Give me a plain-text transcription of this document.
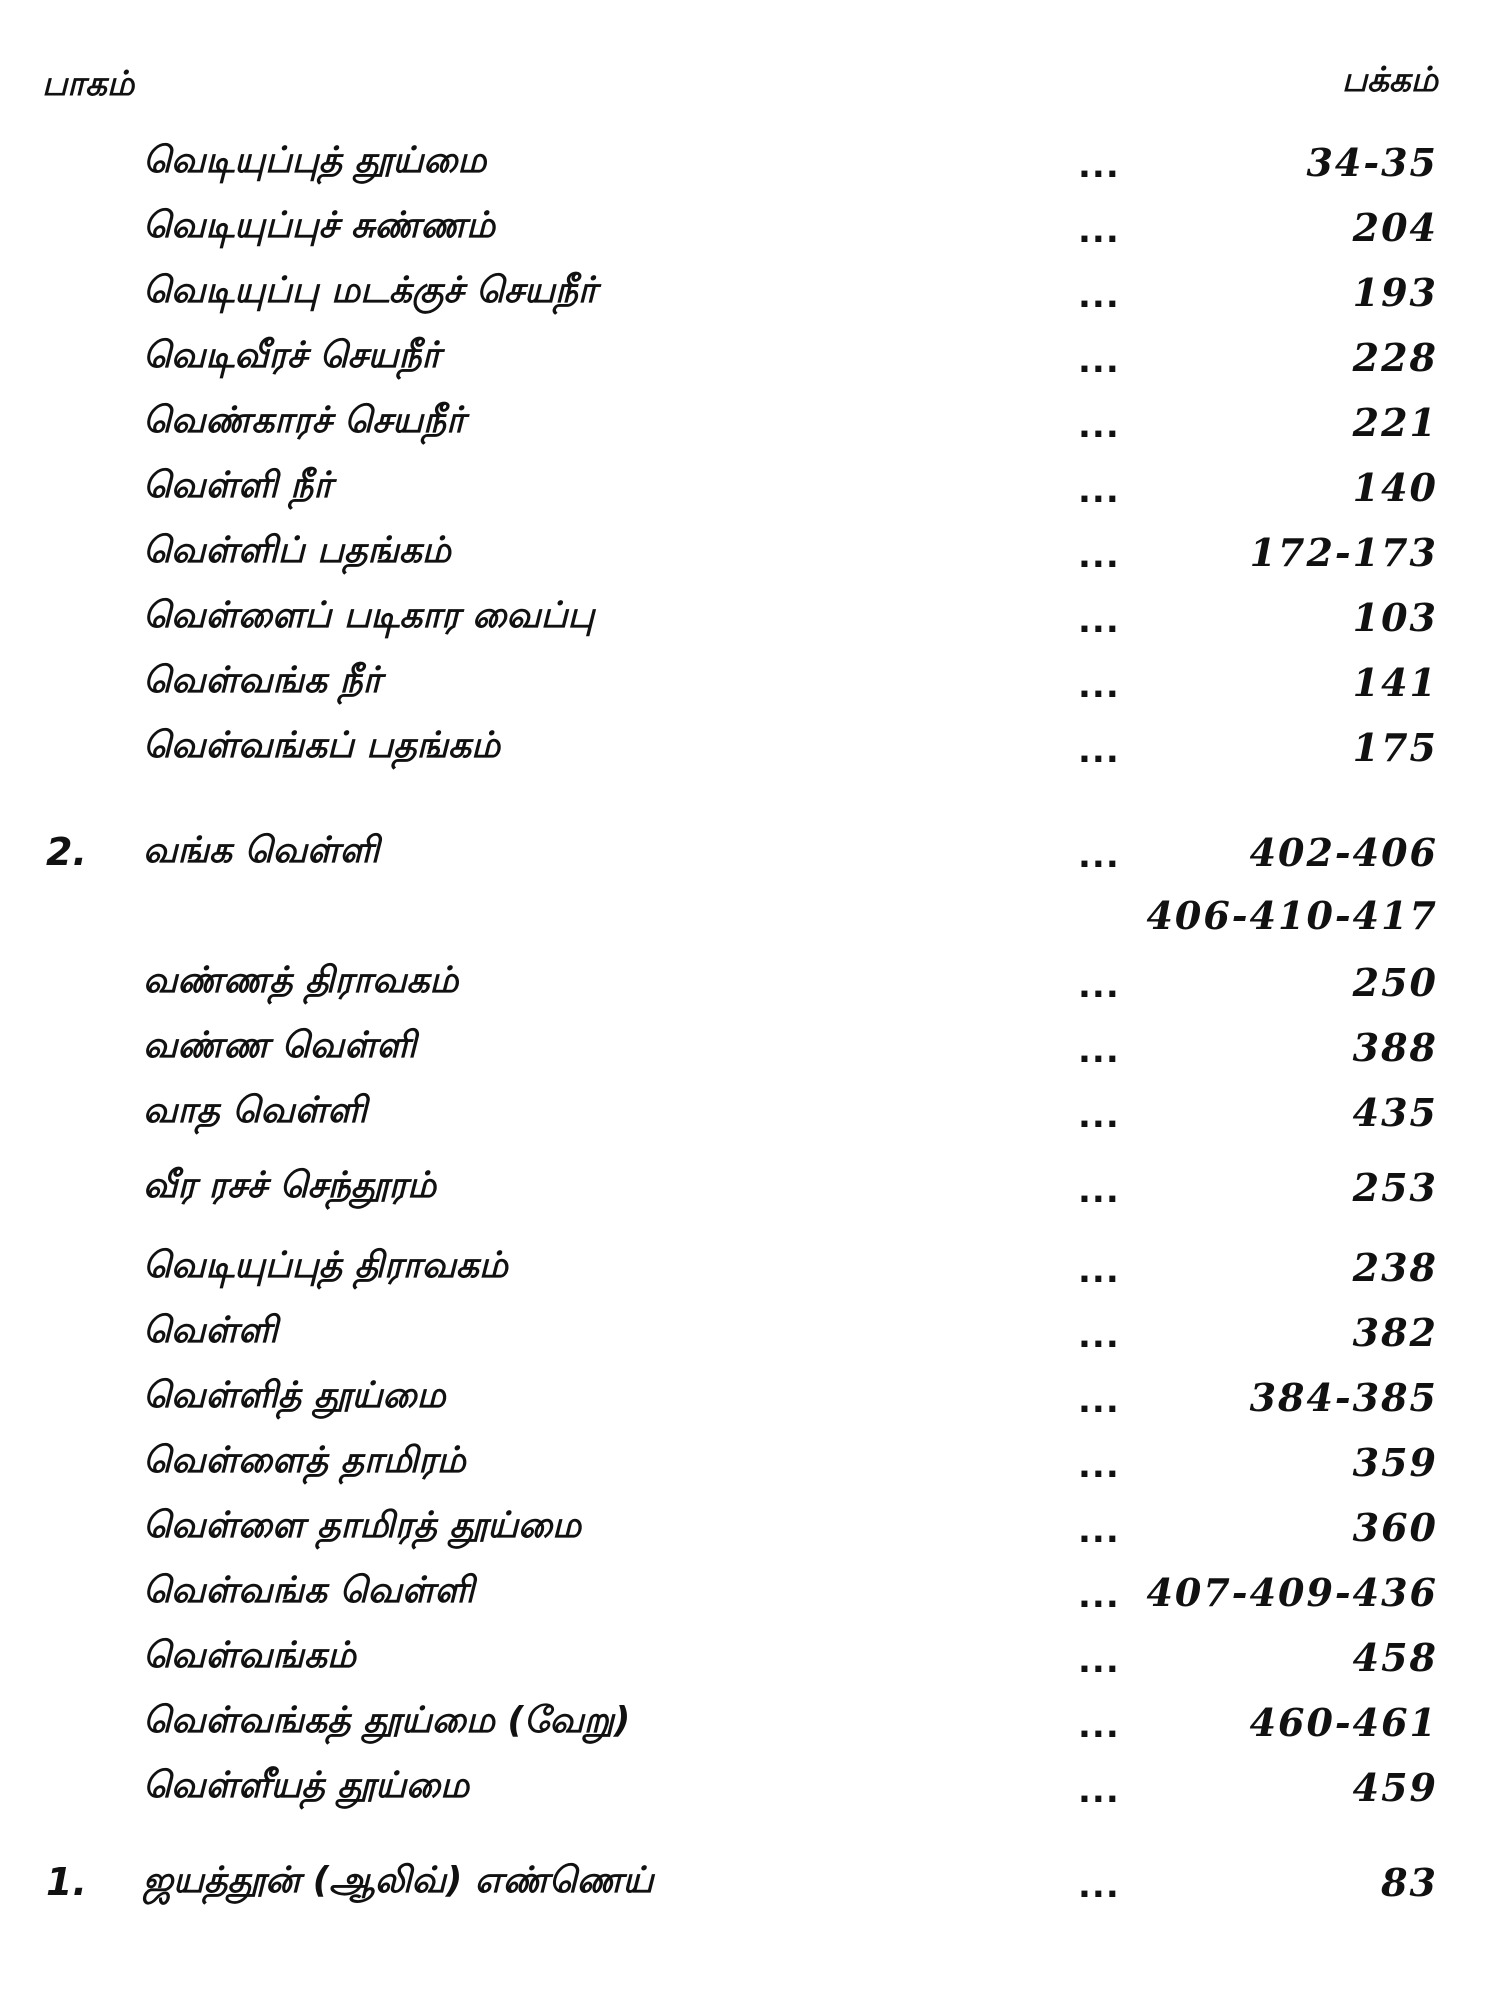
பாகம்	பக்கம்
வெடியுப்புத் தூய்மை	...	34-35
வெடியுப்புச் சுண்ணம்	...	204
வெடியுப்பு மடக்குச் செயநீர்	...	193
வெடிவீரச் செயநீர்	...	228
வெண்காரச் செயநீர்	...	221
வெள்ளி நீர்	...	140
வெள்ளிப் பதங்கம்	...	172-173
வெள்ளைப் படிகார வைப்பு	...	103
வெள்வங்க நீர்	...	141
வெள்வங்கப் பதங்கம்	...	175
2. வங்க வெள்ளி	...	402-406
406-410-417
வண்ணத் திராவகம்	...	250
வண்ண வெள்ளி	...	388
வாத வெள்ளி	...	435
வீர ரசச் செந்தூரம்	...	253
வெடியுப்புத் திராவகம்	...	238
வெள்ளி	...	382
வெள்ளித் தூய்மை	...	384-385
வெள்ளைத் தாமிரம்	...	359
வெள்ளை தாமிரத் தூய்மை	...	360
வெள்வங்க வெள்ளி	... 407-409-436
வெள்வங்கம்	...	458
வெள்வங்கத் தூய்மை (வேறு)	...	460-461
வெள்ளீயத் தூய்மை	...	459
1. ஜயத்தூன் (ஆலிவ்) எண்ணெய்	...	83
